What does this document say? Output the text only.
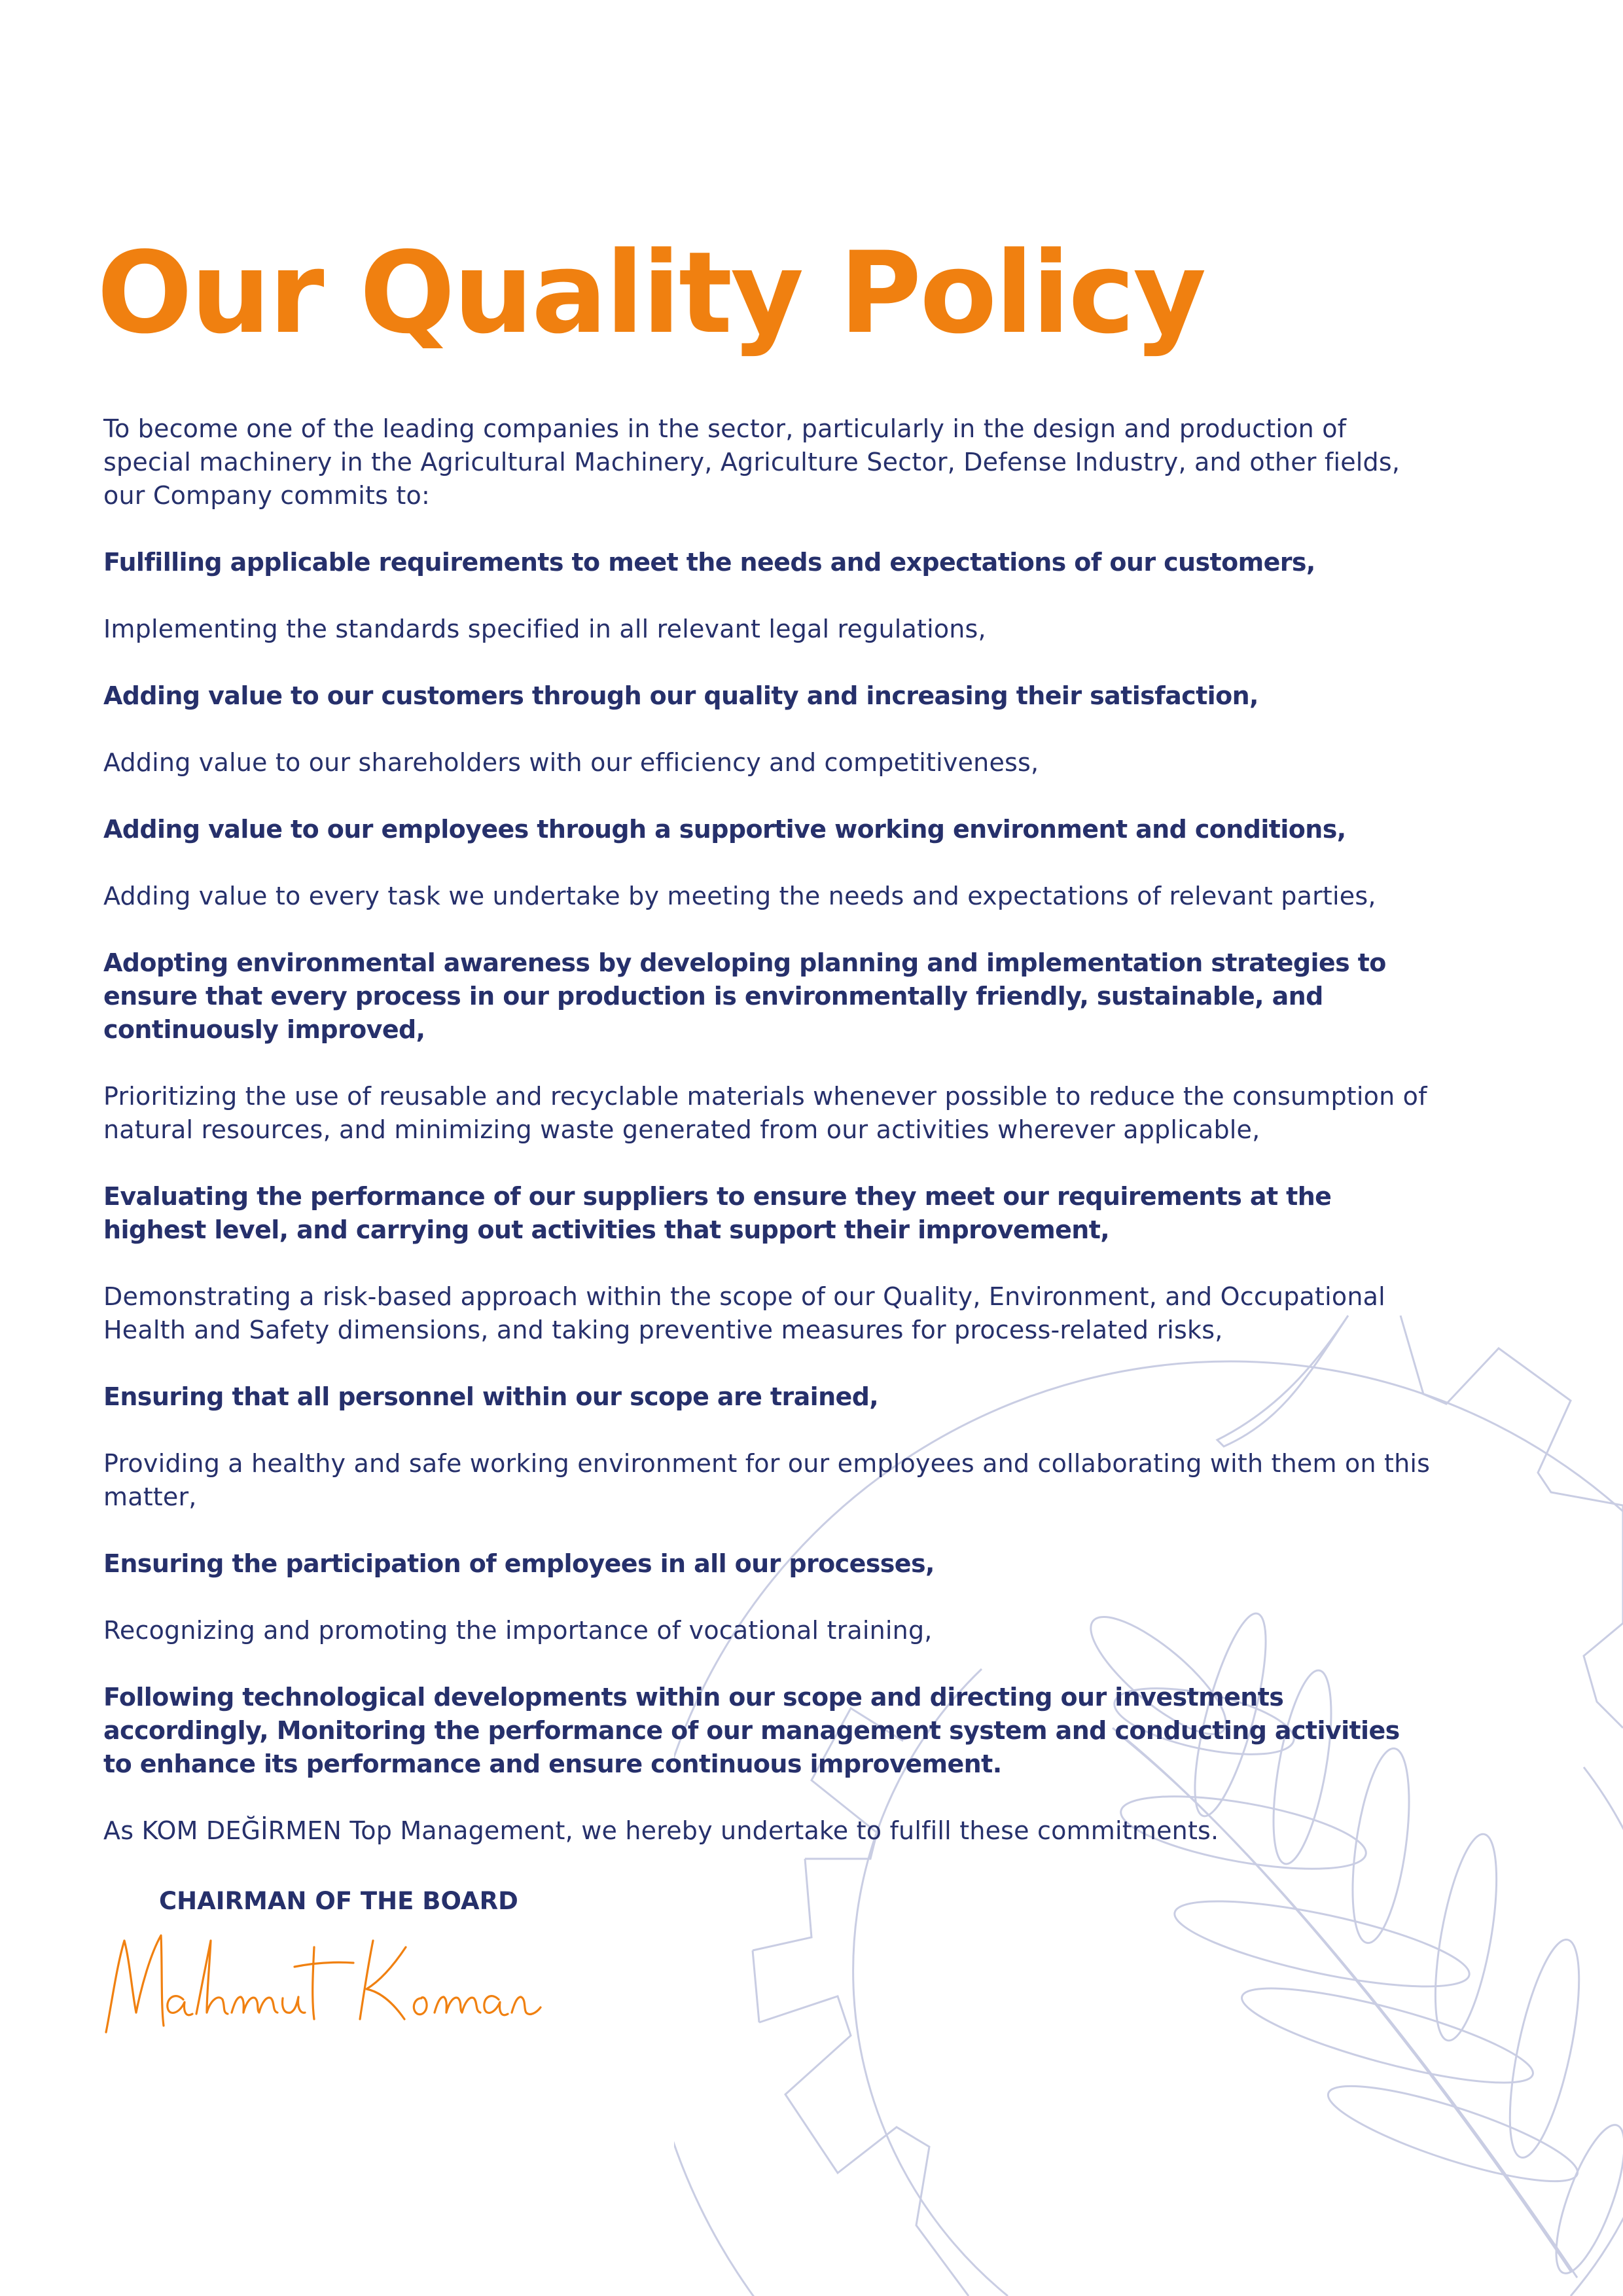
Our Quality Policy

To become one of the leading companies in the sector, particularly in the design and production of special machinery in the Agricultural Machinery, Agriculture Sector, Defense Industry, and other fields, our Company commits to:

Fulfilling applicable requirements to meet the needs and expectations of our customers,

Implementing the standards specified in all relevant legal regulations,

Adding value to our customers through our quality and increasing their satisfaction,

Adding value to our shareholders with our efficiency and competitiveness,

Adding value to our employees through a supportive working environment and conditions,

Adding value to every task we undertake by meeting the needs and expectations of relevant parties,

Adopting environmental awareness by developing planning and implementation strategies to ensure that every process in our production is environmentally friendly, sustainable, and continuously improved,

Prioritizing the use of reusable and recyclable materials whenever possible to reduce the consumption of natural resources, and minimizing waste generated from our activities wherever applicable,

Evaluating the performance of our suppliers to ensure they meet our requirements at the highest level, and carrying out activities that support their improvement,

Demonstrating a risk-based approach within the scope of our Quality, Environment, and Occupational Health and Safety dimensions, and taking preventive measures for process-related risks,

Ensuring that all personnel within our scope are trained,

Providing a healthy and safe working environment for our employees and collaborating with them on this matter,

Ensuring the participation of employees in all our processes,

Recognizing and promoting the importance of vocational training,

Following technological developments within our scope and directing our investments accordingly, Monitoring the performance of our management system and conducting activities to enhance its performance and ensure continuous improvement.

As KOM DEĞİRMEN Top Management, we hereby undertake to fulfill these commitments.

CHAIRMAN OF THE BOARD
